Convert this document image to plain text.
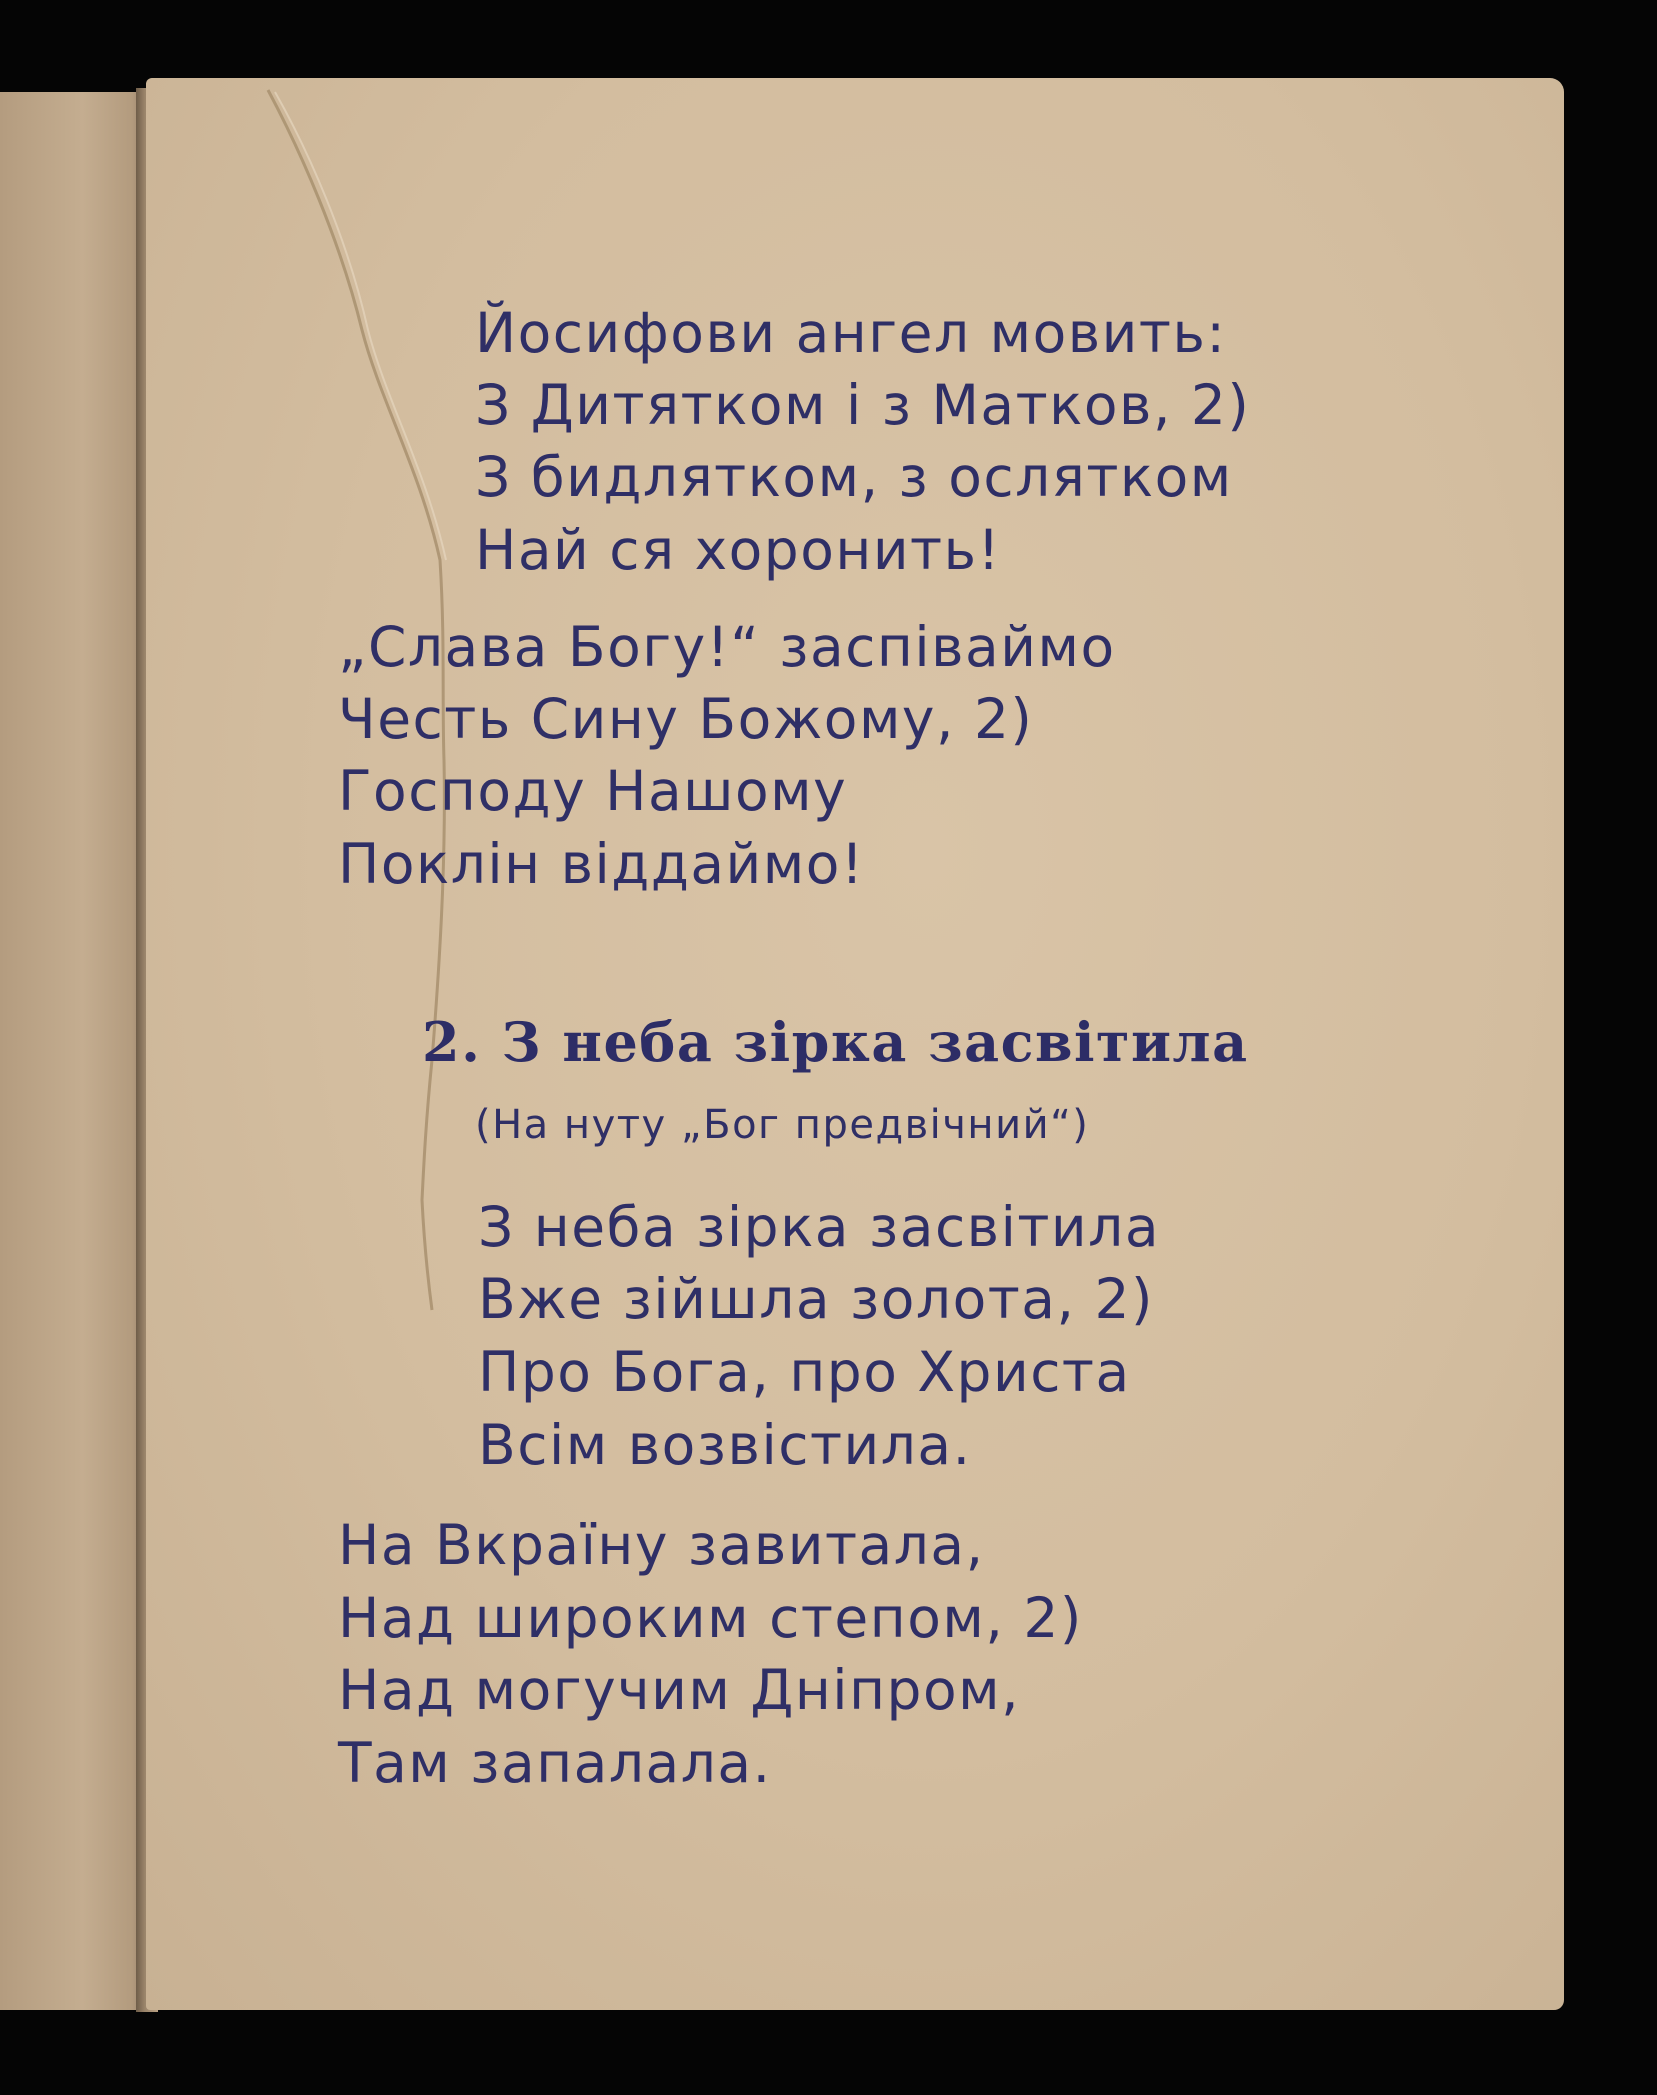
Йосифови ангел мовить:
З Дитятком і з Матков, 2)
З бидлятком, з ослятком
Най ся хоронить!
„Слава Богу!“ заспіваймо
Честь Сину Божому, 2)
Господу Нашому
Поклін віддаймо!
2. З неба зірка засвітила
(На нуту „Бог предвічний“)
З неба зірка засвітила
Вже зійшла золота, 2)
Про Бога, про Христа
Всім возвістила.
На Вкраїну завитала,
Над широким степом, 2)
Над могучим Дніпром,
Там запалала.
